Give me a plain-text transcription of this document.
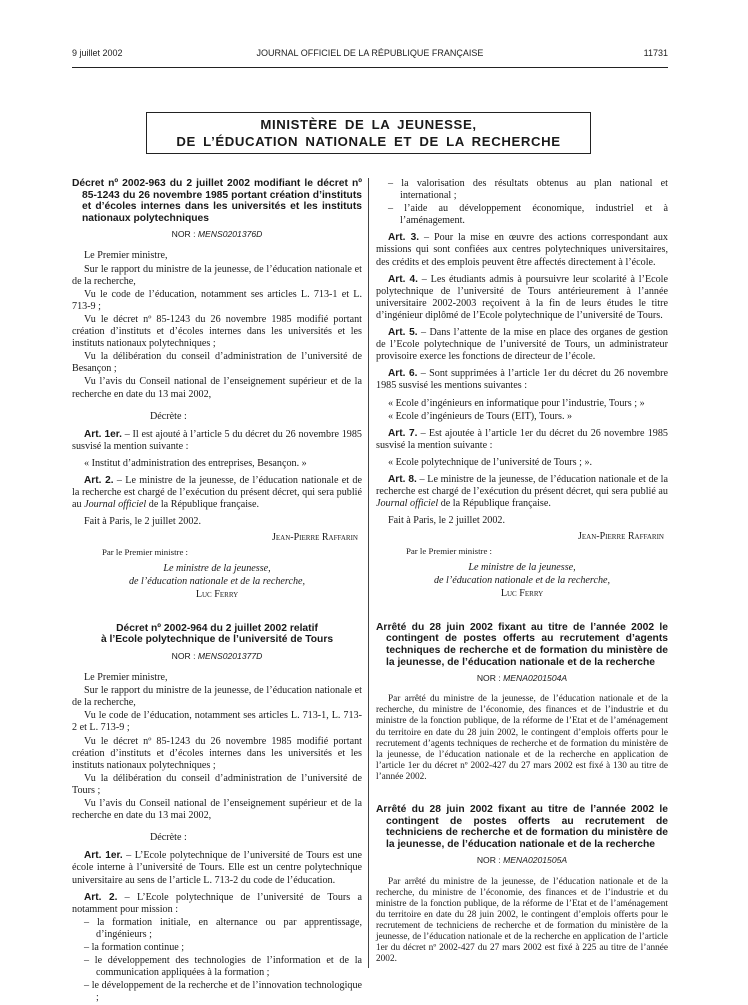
9 juillet 2002	JOURNAL OFFICIEL DE LA RÉPUBLIQUE FRANÇAISE	11731
MINISTÈRE DE LA JEUNESSE,
DE L’ÉDUCATION NATIONALE ET DE LA RECHERCHE
Décret nº 2002-963 du 2 juillet 2002 modifiant le décret nº 85-1243 du 26 novembre 1985 portant création d’instituts et d’écoles internes dans les universités et les instituts nationaux polytechniques
NOR : MENS0201376D

Le Premier ministre,

Sur le rapport du ministre de la jeunesse, de l’éducation nationale et de la recherche,

Vu le code de l’éducation, notamment ses articles L. 713-1 et L. 713-9 ;

Vu le décret nº 85-1243 du 26 novembre 1985 modifié portant création d’instituts et d’écoles internes dans les universités et les instituts nationaux polytechniques ;

Vu la délibération du conseil d’administration de l’université de Besançon ;

Vu l’avis du Conseil national de l’enseignement supérieur et de la recherche en date du 13 mai 2002,

Décrète :

Art. 1er. – Il est ajouté à l’article 5 du décret du 26 novembre 1985 susvisé la mention suivante :

« Institut d’administration des entreprises, Besançon. »

Art. 2. – Le ministre de la jeunesse, de l’éducation nationale et de la recherche est chargé de l’exécution du présent décret, qui sera publié au Journal officiel de la République française.

Fait à Paris, le 2 juillet 2002.

Jean-Pierre Raffarin

Par le Premier ministre :

Le ministre de la jeunesse,

de l’éducation nationale et de la recherche,

Luc Ferry

Décret nº 2002-964 du 2 juillet 2002 relatif
à l’Ecole polytechnique de l’université de Tours
NOR : MENS0201377D

Le Premier ministre,

Sur le rapport du ministre de la jeunesse, de l’éducation nationale et de la recherche,

Vu le code de l’éducation, notamment ses articles L. 713-1, L. 713-2 et L. 713-9 ;

Vu le décret nº 85-1243 du 26 novembre 1985 modifié portant création d’instituts et d’écoles internes dans les universités et les instituts nationaux polytechniques ;

Vu la délibération du conseil d’administration de l’université de Tours ;

Vu l’avis du Conseil national de l’enseignement supérieur et de la recherche en date du 13 mai 2002,

Décrète :

Art. 1er. – L’Ecole polytechnique de l’université de Tours est une école interne à l’université de Tours. Elle est un centre polytechnique universitaire au sens de l’article L. 713-2 du code de l’éducation.

Art. 2. – L’Ecole polytechnique de l’université de Tours a notamment pour mission :

– la formation initiale, en alternance ou par apprentissage, d’ingénieurs ;

– la formation continue ;

– le développement des technologies de l’information et de la communication appliquées à la formation ;

– le développement de la recherche et de l’innovation technologique ;

– la valorisation des résultats obtenus au plan national et international ;

– l’aide au développement économique, industriel et à l’aménagement.

Art. 3. – Pour la mise en œuvre des actions correspondant aux missions qui sont confiées aux centres polytechniques universitaires, des crédits et des emplois peuvent être affectés directement à l’école.

Art. 4. – Les étudiants admis à poursuivre leur scolarité à l’Ecole polytechnique de l’université de Tours antérieurement à l’année universitaire 2002-2003 reçoivent à la fin de leurs études le titre d’ingénieur diplômé de l’Ecole polytechnique de l’université de Tours.

Art. 5. – Dans l’attente de la mise en place des organes de gestion de l’Ecole polytechnique de l’université de Tours, un administrateur provisoire exerce les fonctions de directeur de l’école.

Art. 6. – Sont supprimées à l’article 1er du décret du 26 novembre 1985 susvisé les mentions suivantes :

« Ecole d’ingénieurs en informatique pour l’industrie, Tours ; »

« Ecole d’ingénieurs de Tours (EIT), Tours. »

Art. 7. – Est ajoutée à l’article 1er du décret du 26 novembre 1985 susvisé la mention suivante :

« Ecole polytechnique de l’université de Tours ; ».

Art. 8. – Le ministre de la jeunesse, de l’éducation nationale et de la recherche est chargé de l’exécution du présent décret, qui sera publié au Journal officiel de la République française.

Fait à Paris, le 2 juillet 2002.

Jean-Pierre Raffarin

Par le Premier ministre :

Le ministre de la jeunesse,

de l’éducation nationale et de la recherche,

Luc Ferry

Arrêté du 28 juin 2002 fixant au titre de l’année 2002 le contingent de postes offerts au recrutement d’agents techniques de recherche et de formation du ministère de la jeunesse, de l’éducation nationale et de la recherche
NOR : MENA0201504A

Par arrêté du ministre de la jeunesse, de l’éducation nationale et de la recherche, du ministre de l’économie, des finances et de l’industrie et du ministre de la fonction publique, de la réforme de l’Etat et de l’aménagement du territoire en date du 28 juin 2002, le contingent d’emplois offerts pour le recrutement d’agents techniques de recherche et de formation du ministère de la jeunesse, de l’éducation nationale et de la recherche en application de l’article 1er du décret nº 2002-427 du 27 mars 2002 est fixé à 130 au titre de l’année 2002.

Arrêté du 28 juin 2002 fixant au titre de l’année 2002 le contingent de postes offerts au recrutement de techniciens de recherche et de formation du ministère de la jeunesse, de l’éducation nationale et de la recherche
NOR : MENA0201505A

Par arrêté du ministre de la jeunesse, de l’éducation nationale et de la recherche, du ministre de l’économie, des finances et de l’industrie et du ministre de la fonction publique, de la réforme de l’Etat et de l’aménagement du territoire en date du 28 juin 2002, le contingent d’emplois offerts pour le recrutement de techniciens de recherche et de formation du ministère de la jeunesse, de l’éducation nationale et de la recherche en application de l’article 1er du décret nº 2002-427 du 27 mars 2002 est fixé à 225 au titre de l’année 2002.
